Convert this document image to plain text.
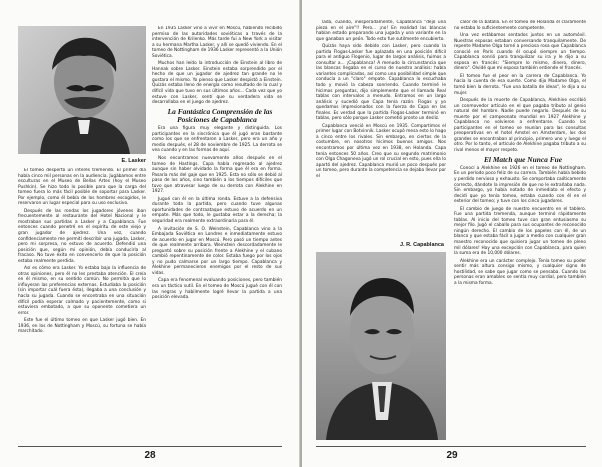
E. Lasker

El tomeo despertó un interés tremendo. El primer día había cinco mil personas en la audiencia. Jugábamos entre esculturas en el Museo de Bellas Artes (hoy el Museo Pushkin). Se hizo todo lo posible para que la carga del tomeo fuera lo más fácil posible de soportar para Lasker. Por ejemplo, como él bebía de los hombres escogidos, le reservaron un lugar especial para su uso exclusivo.

Después de las rondas los jugadores jóvenes iban frecuentemente al restaurante del Hotel Nacional y le mostraban sus partidas a Lasker y a Capablanca. Fue entonces cuando penetré en el espíritu de este viejo y gran jugador de ajedrez. Una vez, cuando confidenciamente me permití describir una jugada, Lasker, pero mi sorpresa, no estuvo de acuerdo. Defendió una posición que, según mi opinión, debía conducirla al fracaso. No tuve éxito en convencerlo de que la posición estaba realmente perdida.

Así es cómo era Lasker. Yo estaba bajo la influencia de otras opiniones, pero él no les prestaba atención. El creía en él mismo, en su sentido común. No permitía que lo influyeran las preferencias externas. Estudiaba la posición (sin importar cuál fuera ésta), llegaba a una conclusión y hacía su jugada. Cuando se encontraba en una situación difícil podía esperar calmado y pacientemente, como si estuviera embotado, a que su oponente cometiera un error.

Este fue el último tomeo en que Lasker jugó bien. En 1936, en los de Nottingham y Moscú, su fortuna se había marchitado.

En 1935 Lasker vino a vivir en Moscú, habiendo recibido permiso de las autoridades soviéticas a través de la intervención de Krilenko. Más tarde fui a New York a visitar a su hermana Martha Lasker, y allí se quedó viviendo. En el tomeo de Nottingham de 1936 Lasker representó a la Unión Soviética.

Muchos han leído la introducción de Einstein al libro de Hannak sobre Lasker. Einstein estaba sorprendido por el hecho de que un jugador de ajedrez tan grande no le gustara el mismo. Yo pienso que Lasker despistó a Einstein. Quizás estaba lleno de energía como resultado de la cual y difícil vida que tuvo en sus últimos años... Cada vez que yo estuve con Lasker, sentí que su verdadera vida se desarrollaba en el juego de ajedrez.

La Fantástica Comprensión de las Posiciones de Capablanca

Era una figura muy elegante y distinguida. Los participantes en la sincrónica que él jugó eran bastante como los que se enfrentaron a Lasker, pero era un año y medio después, el 28 de noviembre de 1925. La derrota se vea cuando y en las formas de aquí.

Nos encontramos nuevamente años después en el tomeo de Hastings. Capa había regresado al ajedrez aunque sin haber olvidado la forma que él era en forma. Pasaría más del gaje que en 1925. Esta no sólo se debió al paso de los años, sino también a los tiempos difíciles que tuvo que atravesar luego de su derrota con Alekhine en 1927.

Jugué con él en la última ronda. Estuve a la defensiva durante toda la partida, pero cuando tuve algunas oportunidades de contraataque estuvo de acuerdo en un empate. Más que todo, le gustaba estar a la derecha; la seguridad era realmente extraordinaria para él.

A invitación de S. O. Weinstein, Capablanca vino a la Embajada Soviética en Londres e inmediatamente estuvo de acuerdo en jugar en Moscú. Pero pasó un tiempo antes de que realmente arribara. Weinstein descordadamente le preguntó sobre su posición frente a Alekhine y el cubano cambió repentinamente de color. Estaba fuego por los ojos y no pudo calmarse por un largo tiempo. Capablanca y Alekhine permanecieron enemigos por el resto de sus vidas.

Capa era fenomenal evaluando posiciones, pero también era un táctico sutil. En el tomeo de Moscú jugué con él con las negras y habilmente logré llevar la partida a una posición elevada.

28

lada, cuando, inesperadamente, Capablanca "dejó una pieza en el aire"!! Pero... ¡no! En realidad las blancas habían estado preparando una jugada y una variante en la que ganaban un peón. Todo esto fue sutilmente encubierto.

Quizás haya sido debido con Lasker, pero cuando la partida Flogas-Lasker fue aplazada en una posición difícil para el antiguo Flogenio, lugar de largos análisis, fuimos a consultar a... ¡Capablanca! A menudo la circunstancia que las blancas llegaba en el curso de nuestro análisis: había variantes complicadas, así como una posibilidad simple que conducía a un "claro" empate. Capablanca lo escuchaba todo y movió la cabeza sonriendo. Cuando terminé le hicimos preguntas, dijo simplemente que el llamado Real tablas con intervalos a menudo. Entramos en un largo análisis y sucedió que Capa tenía razón. Flogas y yo quedamos impresionados con la fuerza de Capa en las finales. Es verdad que la partida Flogas-Lasker terminó en tablas, pero sólo porque Lasker cometió pronto un desliz.

Capablanca venció en Moscú en 1935. Compartimos el primer lugar con Botvinnik. Lasker ocupó mesa esto lo hago a cinco entre los rivales. Sin embargo, en ciertos de la costumbre, en nosotros hicimos buenos amigos. Nos encontramos por última vez en 1938, en Holanda. Capa tenía entonces 50 años. Creo que su segundo matrimonio con Olga Chagoneva jugó un rol crucial en esto, pues ella lo apartó del ajedrez. Capablanca murió un poco después por un tomeo, pero durante la competencia se dejaba llevar por el

J. R. Capablanca

calor de la batalla. En el tomeo de Holanda él claramente no estaba lo suficientemente competente.

Una vez estábamos sentados juntos en un automóvil. Nuestras esposas estaban conversando tranquilamente. De repente Madame Olga torné a preciosa rosa que Capablanca conoció en París cuando él ocupó siempre un tiempo. Capablanca sonrió para tranquilizar su ira y le dijo a su esposa en francés: "Siempre lo mismo, dinero, dinero, dinero". Olvidé que mi esposa también entiende el francés.

El tomeo fue el peor en la carrera de Capablanca. Yo hacía la cuenta de esa suerte. Como dijo Madame Olga, el tomó bien la derrota. "Fue una batalla de ideas", le dijo a su mujer.

Después de la muerte de Capablanca, Alekhine escribió un conmovedor artículo en el que pagaba tributo al genio natural del hombre. Nadie puede negarlo. Después de su muerte por el campeonato mundial en 1927 Alekhine y Capablanca no volvieron a enfrentarse. Cuando los participantes en el tomeo se reunían para las consultas preoperativas en el hotel Amstel en Amsterdam, los dos grandes se encontraban al principio, primero uno y luego el otro. Por lo tanto, el artículo de Alekhine pagaba tributo a su rival menos el mayor respeto.

El Match que Nunca Fue

Conocí a Alekhine en 1926 en el tomeo de Nottingham. En un período poco feliz de su carrera. También había bebido y perdido nervioso y exhausto. Se comportaba caóticamente correcto, dándote la impresión de que no le extrañaba nada. Sin embargo, yo había notado de inmediato el efecto y decidí que yo tenía tomeo, estaba cuando con él en el exterior del tomeo; y tuve con los cinco jugadores.

El cambio de juego de nuestro encuentro en el tablero. Fue una partida tremenda, aunque terminó rápidamente tablas. Al inicio del tomeo tuve con gran entusiasmo su mejor filo. Jugó el caballo para sus ocupantes de reconocido ningún derecho. El cambio de los papeles con él, de un blanco y que estaba fácil a jugar a medio con cualquier gran maestro reconocido que quisiera jugar un tomeo de pleno mil dólares! Hay una excepción con Capablanca, para quien la suma era de 10,000 dólares.

Alekhine era un carácter complejo. Tenía tomeo su poder sentir más altura consigo mismo, y cualquier signo de hostilidad, se sabe que jugar como se pensaba. Cuando las personas eran amables se sentía muy cordial, pero también a la misma forma.

29
